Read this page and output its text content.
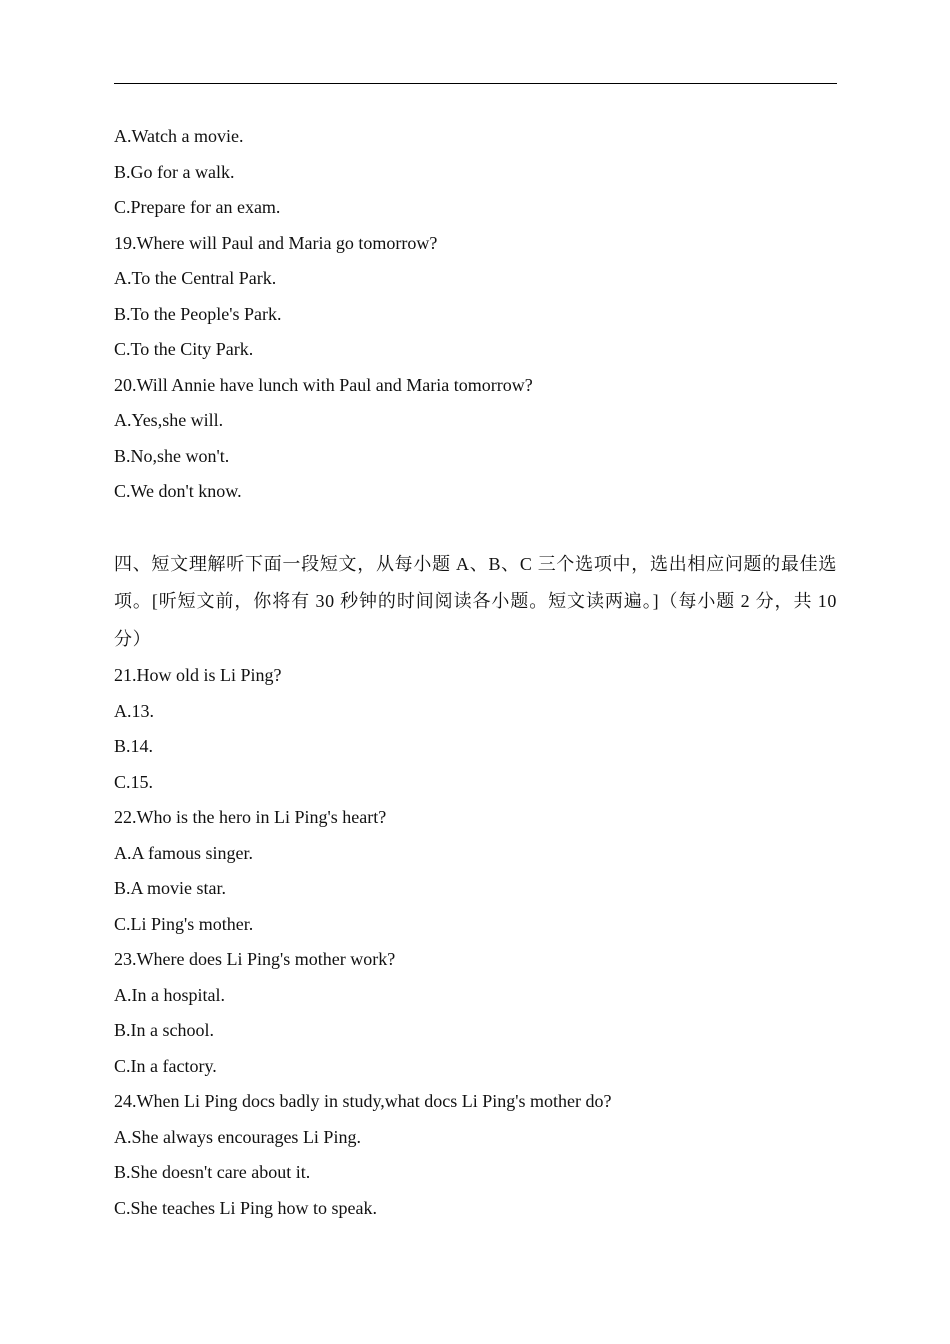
A.Watch a movie.
B.Go for a walk.
C.Prepare for an exam.
19.Where will Paul and Maria go tomorrow?
A.To the Central Park.
B.To the People's Park.
C.To the City Park.
20.Will Annie have lunch with Paul and Maria tomorrow?
A.Yes,she will.
B.No,she won't.
C.We don't know.
四、短文理解听下面一段短文，从每小题 A、B、C 三个选项中，选出相应问题的最佳选项。[听短文前，你将有 30 秒钟的时间阅读各小题。短文读两遍。]（每小题 2 分，共 10 分）
21.How old is Li Ping?
A.13.
B.14.
C.15.
22.Who is the hero in Li Ping's heart?
A.A famous singer.
B.A movie star.
C.Li Ping's mother.
23.Where does Li Ping's mother work?
A.In a hospital.
B.In a school.
C.In a factory.
24.When Li Ping docs badly in study,what docs Li Ping's mother do?
A.She always encourages Li Ping.
B.She doesn't care about it.
C.She teaches Li Ping how to speak.
